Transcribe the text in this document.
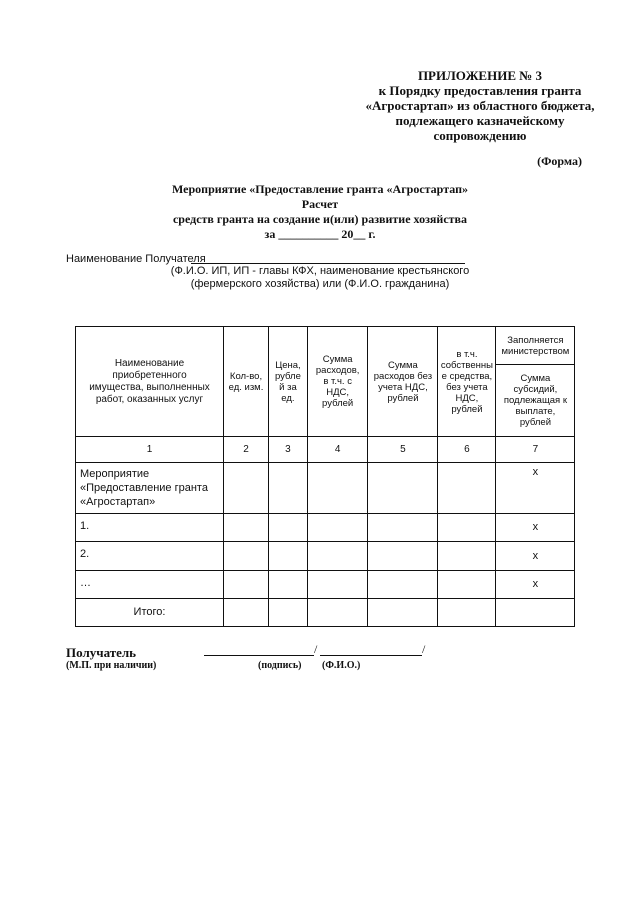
ПРИЛОЖЕНИЕ № 3
к Порядку предоставления гранта
«Агростартап» из областного бюджета,
подлежащего казначейскому
сопровождению
(Форма)
Мероприятие «Предоставление гранта «Агростартап»
Расчет
средств гранта на создание и(или) развитие хозяйства
за __________ 20__ г.
Наименование Получателя
(Ф.И.О. ИП, ИП - главы КФХ, наименование крестьянского
(фермерского хозяйства) или (Ф.И.О. гражданина)
Наименование приобретенного имущества, выполненных работ, оказанных услуг	Кол-во, ед. изм.	Цена, рубле й за ед.	Сумма расходов, в т.ч. с НДС, рублей	Сумма расходов без учета НДС, рублей	в т.ч. собственны е средства, без учета НДС, рублей	Заполняется министерством
						Сумма субсидий, подлежащая к выплате, рублей
1	2	3	4	5	6	7
Мероприятие «Предоставление гранта «Агростартап»						х
1.						х
2.						х
…						х
Итого:						
Получатель
(М.П. при наличии)
/	/
(подпись) (Ф.И.О.)
